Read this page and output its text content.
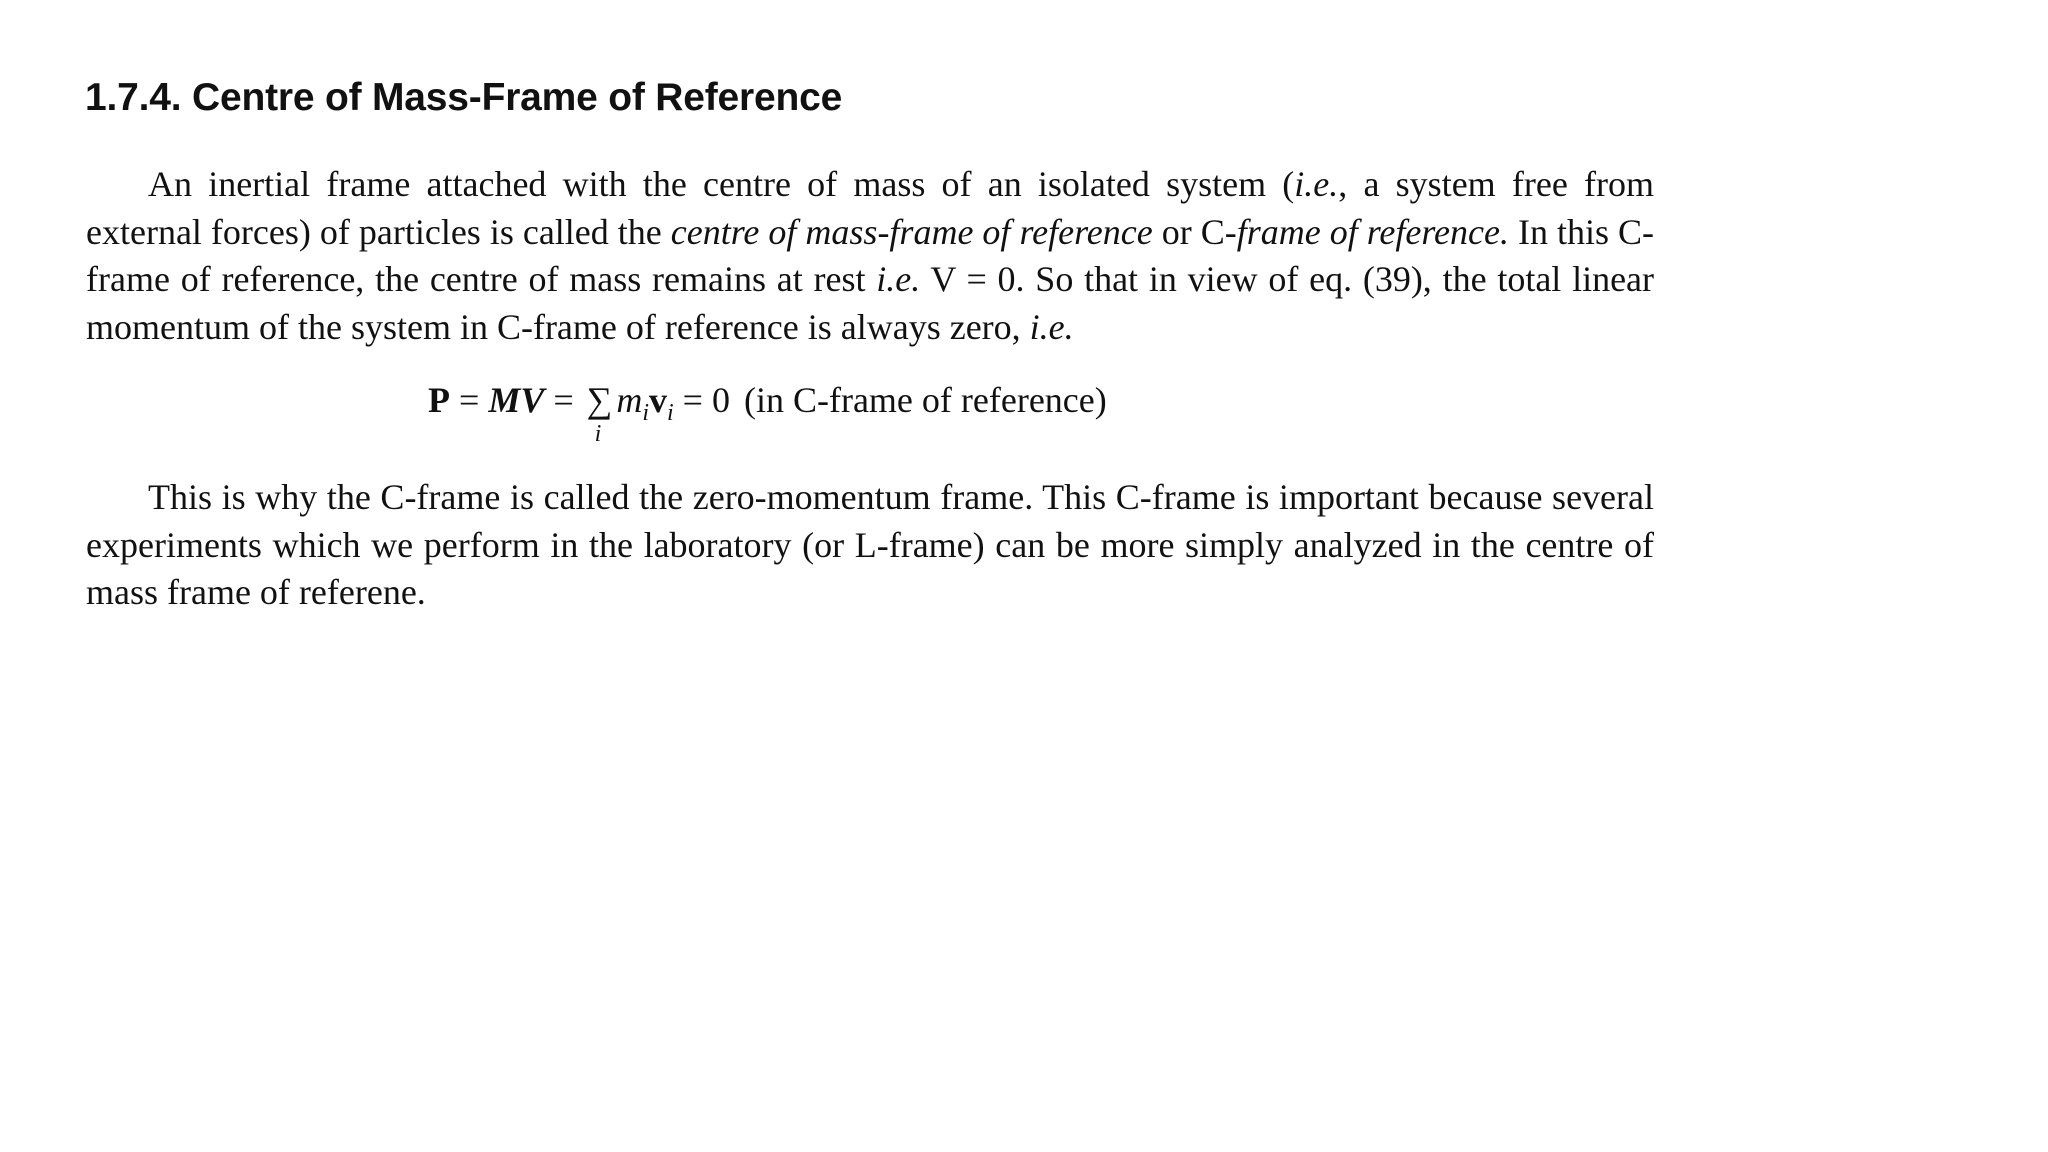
1.7.4. Centre of Mass-Frame of Reference

An inertial frame attached with the centre of mass of an isolated system (i.e., a system free from external forces) of particles is called the centre of mass-frame of reference or C-frame of reference. In this C-frame of reference, the centre of mass remains at rest i.e. V = 0. So that in view of eq. (39), the total linear momentum of the system in C-frame of reference is always zero, i.e.

P = MV = ∑
i
$m_iv_i = 0$ (in C-frame of reference)

This is why the C-frame is called the zero-momentum frame. This C-frame is important because several experiments which we perform in the laboratory (or L-frame) can be more simply analyzed in the centre of mass frame of referene.
